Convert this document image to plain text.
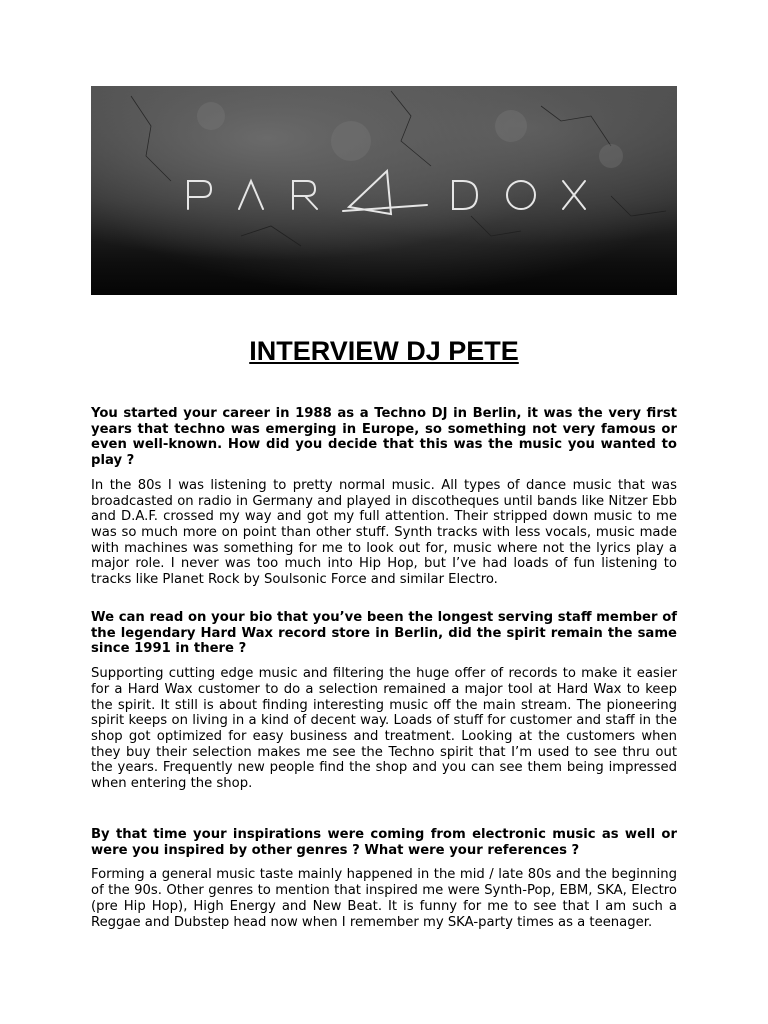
INTERVIEW DJ PETE

You started your career in 1988 as a Techno DJ in Berlin, it was the very first years that techno was emerging in Europe, so something not very famous or even well-known. How did you decide that this was the music you wanted to play ?

In the 80s I was listening to pretty normal music. All types of dance music that was broadcasted on radio in Germany and played in discotheques until bands like Nitzer Ebb and D.A.F. crossed my way and got my full attention. Their stripped down music to me was so much more on point than other stuff. Synth tracks with less vocals, music made with machines was something for me to look out for, music where not the lyrics play a major role. I never was too much into Hip Hop, but I’ve had loads of fun listening to tracks like Planet Rock by Soulsonic Force and similar Electro.

We can read on your bio that you’ve been the longest serving staff member of the legendary Hard Wax record store in Berlin, did the spirit remain the same since 1991 in there ?

Supporting cutting edge music and filtering the huge offer of records to make it easier for a Hard Wax customer to do a selection remained a major tool at Hard Wax to keep the spirit. It still is about finding interesting music off the main stream. The pioneering spirit keeps on living in a kind of decent way. Loads of stuff for customer and staff in the shop got optimized for easy business and treatment. Looking at the customers when they buy their selection makes me see the Techno spirit that I’m used to see thru out the years. Frequently new people find the shop and you can see them being impressed when entering the shop.

By that time your inspirations were coming from electronic music as well or were you inspired by other genres ? What were your references ?

Forming a general music taste mainly happened in the mid / late 80s and the beginning of the 90s. Other genres to mention that inspired me were Synth-Pop, EBM, SKA, Electro (pre Hip Hop), High Energy and New Beat. It is funny for me to see that I am such a Reggae and Dubstep head now when I remember my SKA-party times as a teenager.
